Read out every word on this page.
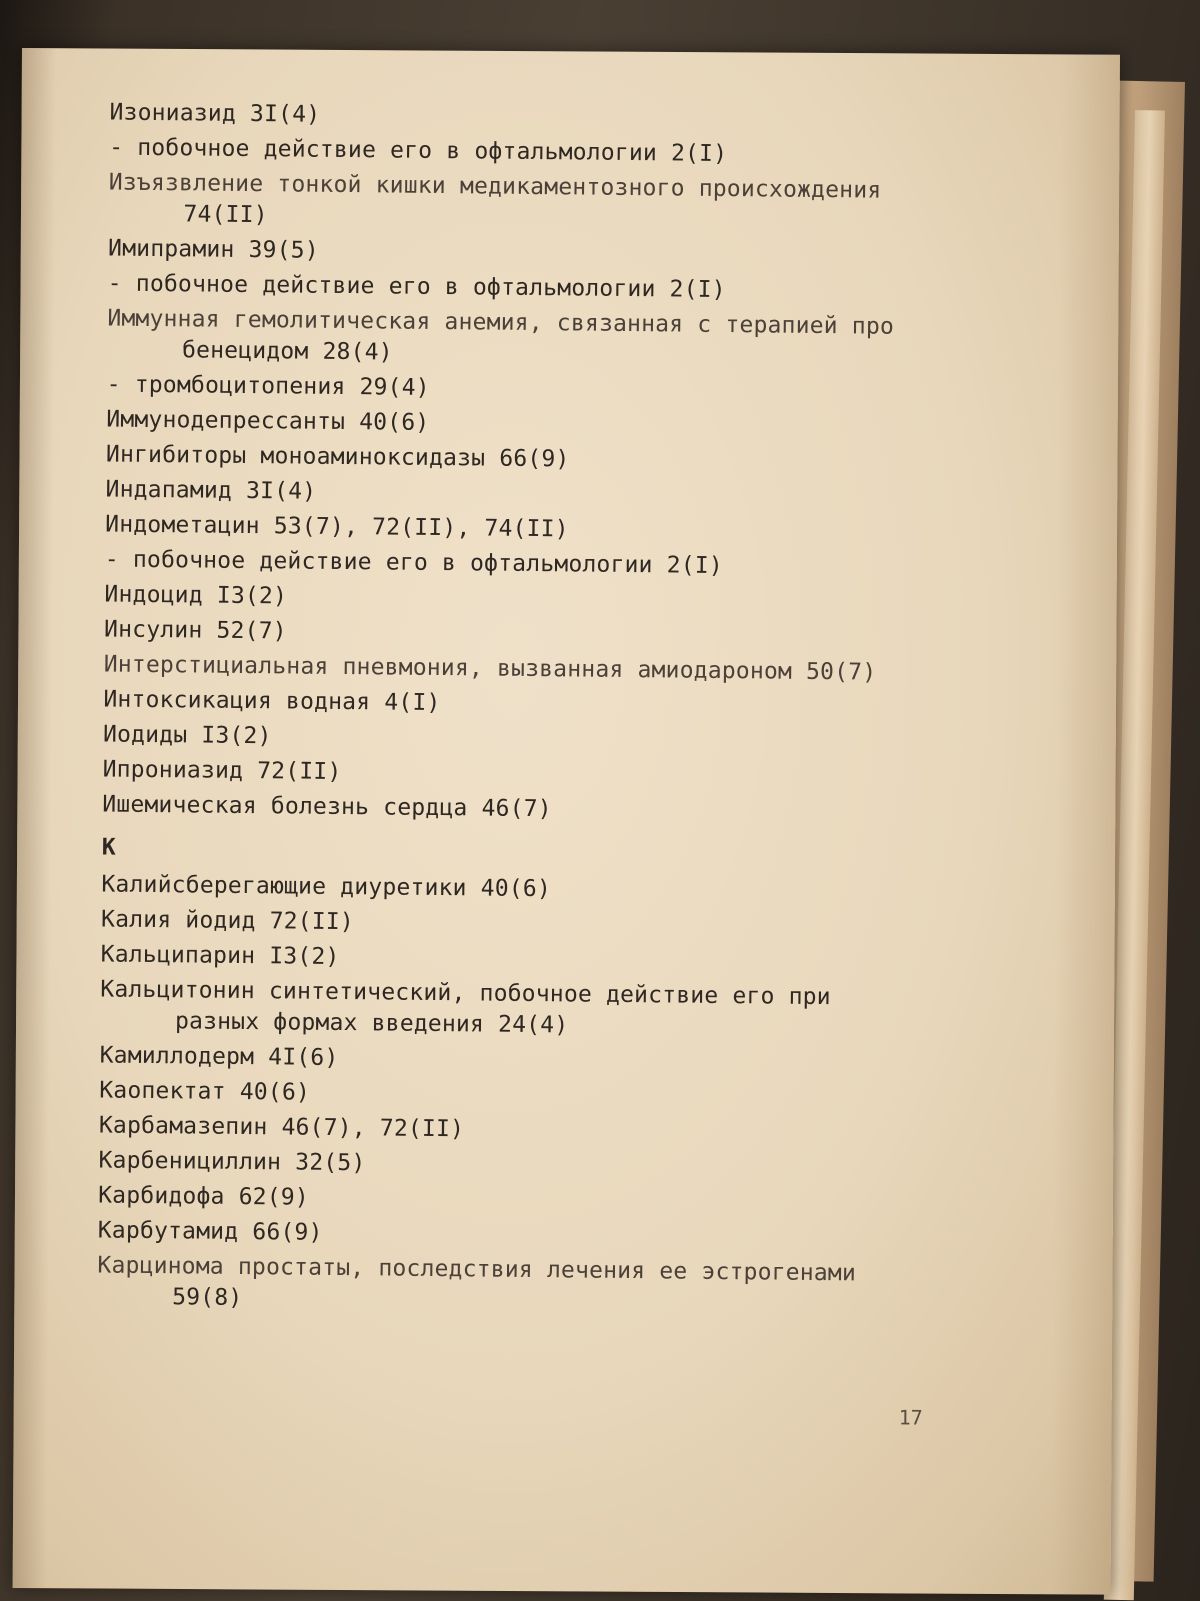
Изониазид 3I(4)
- побочное действие его в офтальмологии 2(I)
Изъязвление тонкой кишки медикаментозного происхождения
74(II)
Имипрамин 39(5)
- побочное действие его в офтальмологии 2(I)
Иммунная гемолитическая анемия, связанная с терапией про
бенецидом 28(4)
- тромбоцитопения 29(4)
Иммунодепрессанты 40(6)
Ингибиторы моноаминоксидазы 66(9)
Индапамид 3I(4)
Индометацин 53(7), 72(II), 74(II)
- побочное действие его в офтальмологии 2(I)
Индоцид I3(2)
Инсулин 52(7)
Интерстициальная пневмония, вызванная амиодароном 50(7)
Интоксикация водная 4(I)
Иодиды I3(2)
Ипрониазид 72(II)
Ишемическая болезнь сердца 46(7)
К
Калийсберегающие диуретики 40(6)
Калия йодид 72(II)
Кальципарин I3(2)
Кальцитонин синтетический, побочное действие его при
разных формах введения 24(4)
Камиллодерм 4I(6)
Каопектат 40(6)
Карбамазепин 46(7), 72(II)
Карбенициллин 32(5)
Карбидофа 62(9)
Карбутамид 66(9)
Карцинома простаты, последствия лечения ее эстрогенами
59(8)
17
